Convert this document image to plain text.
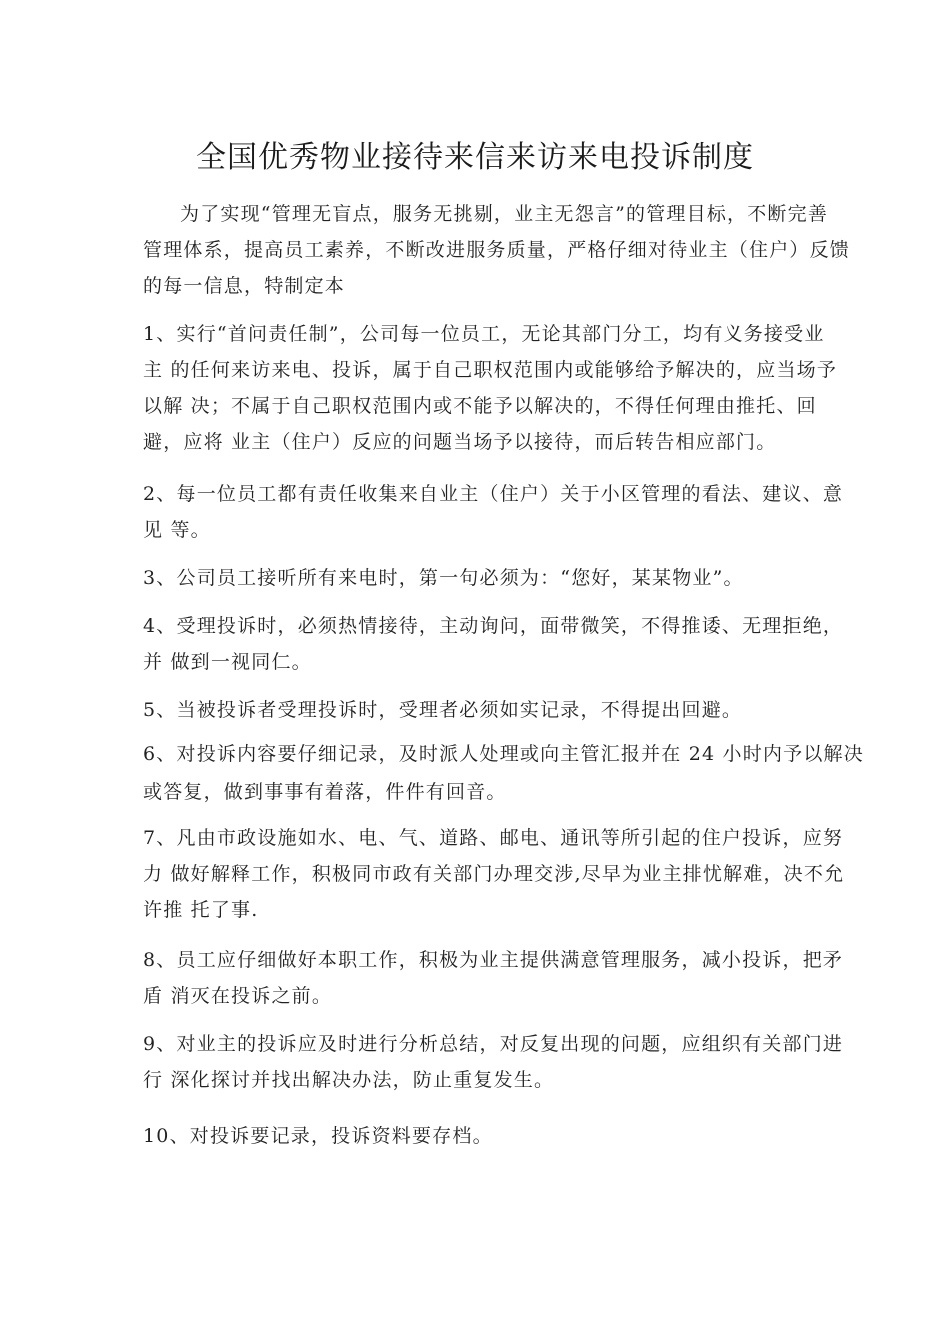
全国优秀物业接待来信来访来电投诉制度
为了实现“管理无盲点，服务无挑剔，业主无怨言”的管理目标，不断完善
管理体系，提高员工素养，不断改进服务质量，严格仔细对待业主（住户）反馈
的每一信息，特制定本
1、实行“首问责任制”，公司每一位员工，无论其部门分工，均有义务接受业
主 的任何来访来电、投诉，属于自己职权范围内或能够给予解决的，应当场予
以解 决；不属于自己职权范围内或不能予以解决的，不得任何理由推托、回
避，应将 业主（住户）反应的问题当场予以接待，而后转告相应部门。
2、每一位员工都有责任收集来自业主（住户）关于小区管理的看法、建议、意
见 等。
3、公司员工接听所有来电时，第一句必须为：“您好，某某物业”。
4、受理投诉时，必须热情接待，主动询问，面带微笑，不得推诿、无理拒绝，
并 做到一视同仁。
5、当被投诉者受理投诉时，受理者必须如实记录，不得提出回避。
6、对投诉内容要仔细记录，及时派人处理或向主管汇报并在 24 小时内予以解决
或答复，做到事事有着落，件件有回音。
7、凡由市政设施如水、电、气、道路、邮电、通讯等所引起的住户投诉，应努
力 做好解释工作，积极同市政有关部门办理交涉,尽早为业主排忧解难，决不允
许推 托了事.
8、员工应仔细做好本职工作，积极为业主提供满意管理服务，减小投诉，把矛
盾 消灭在投诉之前。
9、对业主的投诉应及时进行分析总结，对反复出现的问题，应组织有关部门进
行 深化探讨并找出解决办法，防止重复发生。
10、对投诉要记录，投诉资料要存档。
